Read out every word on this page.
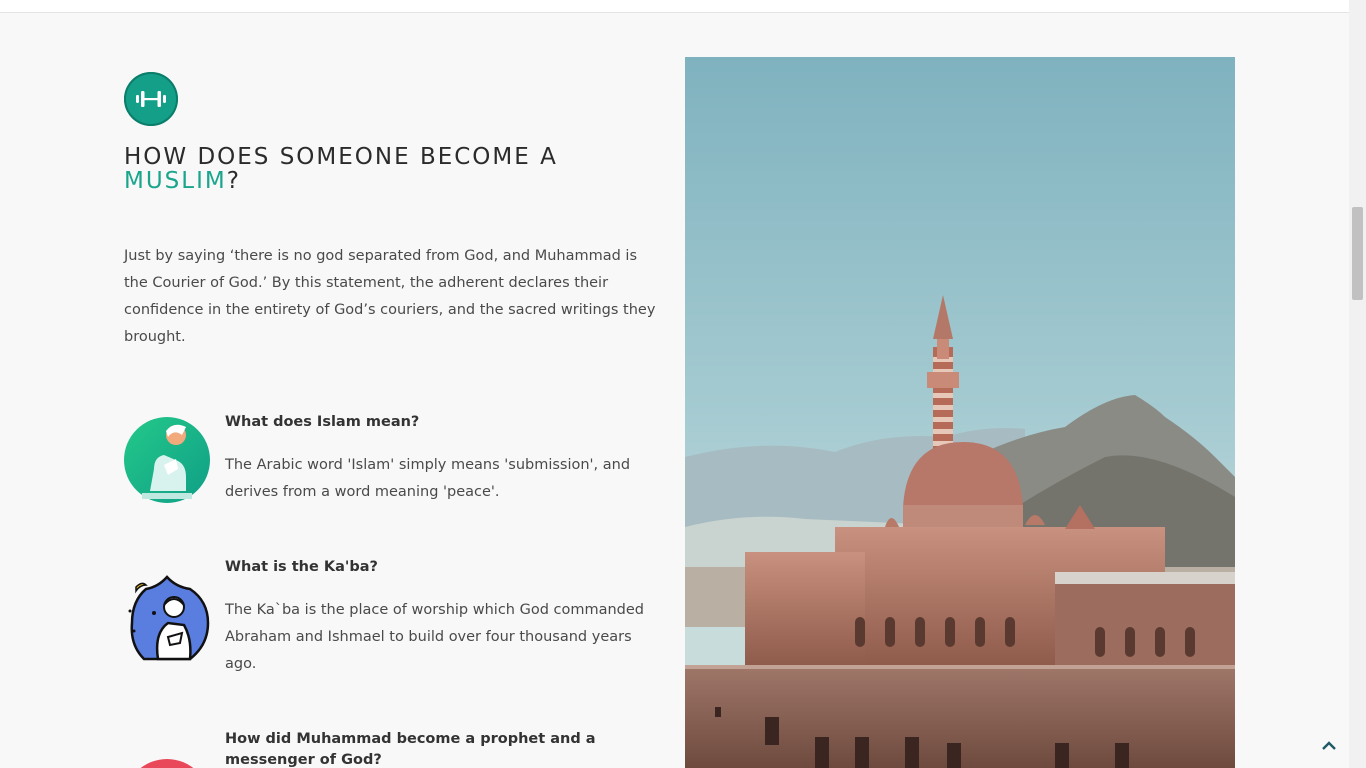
HOW DOES SOMEONE BECOME A
MUSLIM?

Just by saying ‘there is no god separated from God, and Muhammad is the Courier of God.’ By this statement, the adherent declares their confidence in the entirety of God’s couriers, and the sacred writings they brought.

What does Islam mean?

The Arabic word 'Islam' simply means 'submission', and derives from a word meaning 'peace'.

What is the Ka'ba?

The Ka`ba is the place of worship which God commanded Abraham and Ishmael to build over four thousand years ago.

How did Muhammad become a prophet and a messenger of God?
